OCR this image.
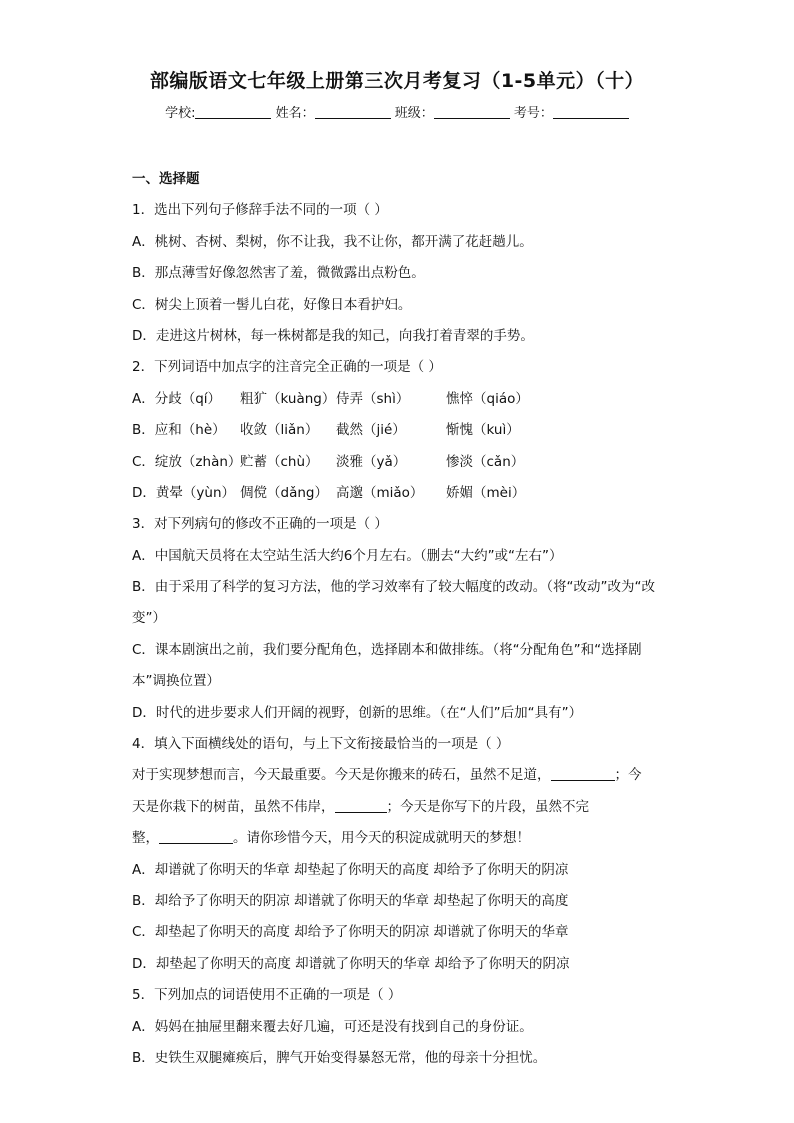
部编版语文七年级上册第三次月考复习（1-5单元）（十）
学校:	姓名：	班级：	考号：
一、选择题
1．选出下列句子修辞手法不同的一项（ ）
A．桃树、杏树、梨树，你不让我，我不让你，都开满了花赶趟儿。
B．那点薄雪好像忽然害了羞，微微露出点粉色。
C．树尖上顶着一髻儿白花，好像日本看护妇。
D．走进这片树林，每一株树都是我的知己，向我打着青翠的手势。
2．下列词语中加点字的注音完全正确的一项是（ ）
A．分歧（qí） 粗犷（kuàng）侍弄（shì）	憔悴（qiáo）
B．应和（hè） 收敛（liǎn） 截然（jié）	惭愧（kuì）
C．绽放（zhàn）贮蓄（chù） 淡雅（yǎ）	惨淡（cǎn）
D．黄晕（yùn） 倜傥（dǎng） 高邈（miǎo） 娇媚（mèi）
3．对下列病句的修改不正确的一项是（ ）
A．中国航天员将在太空站生活大约6个月左右。（删去“大约”或“左右”）
B．由于采用了科学的复习方法，他的学习效率有了较大幅度的改动。（将“改动”改为“改
变”）
C．课本剧演出之前，我们要分配角色，选择剧本和做排练。（将“分配角色”和“选择剧
本”调换位置）
D．时代的进步要求人们开阔的视野，创新的思维。（在“人们”后加“具有”）
4．填入下面横线处的语句，与上下文衔接最恰当的一项是（ ）
对于实现梦想而言，今天最重要。今天是你搬来的砖石，虽然不足道，	；今
天是你栽下的树苗，虽然不伟岸，	；今天是你写下的片段，虽然不完
整，	。请你珍惜今天，用今天的积淀成就明天的梦想！
A．却谱就了你明天的华章 却垫起了你明天的高度 却给予了你明天的阴凉
B．却给予了你明天的阴凉 却谱就了你明天的华章 却垫起了你明天的高度
C．却垫起了你明天的高度 却给予了你明天的阴凉 却谱就了你明天的华章
D．却垫起了你明天的高度 却谱就了你明天的华章 却给予了你明天的阴凉
5．下列加点的词语使用不正确的一项是（ ）
A．妈妈在抽屉里翻来覆去好几遍，可还是没有找到自己的身份证。
B．史铁生双腿瘫痪后，脾气开始变得暴怒无常，他的母亲十分担忧。
